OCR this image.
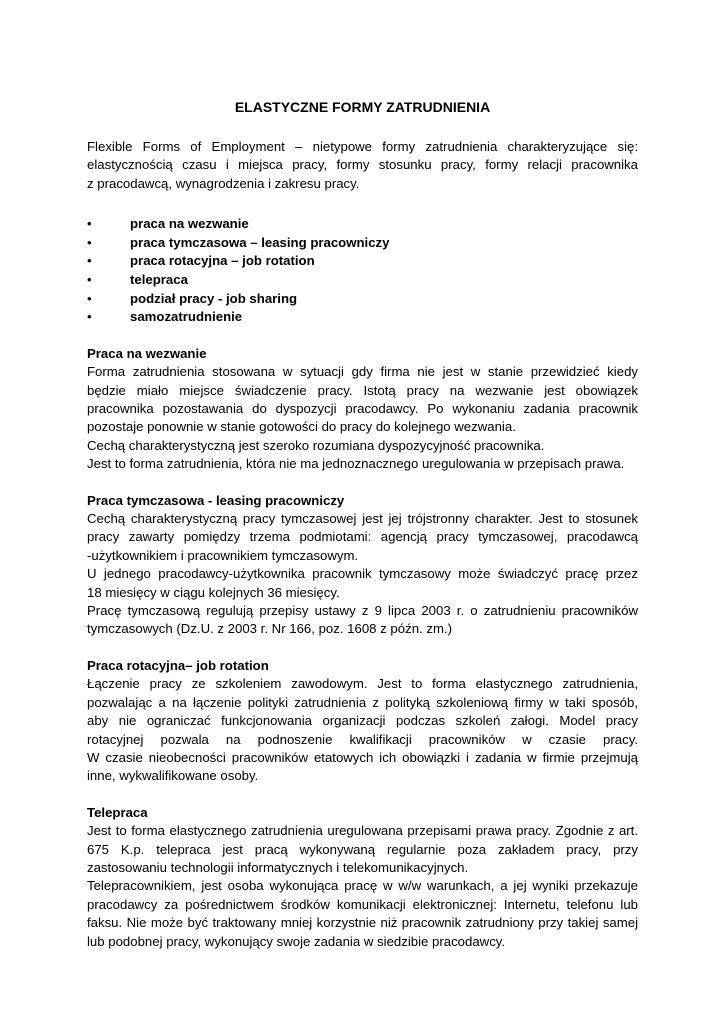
ELASTYCZNE FORMY ZATRUDNIENIA

Flexible Forms of Employment – nietypowe formy zatrudnienia charakteryzujące się:
elastycznością czasu i miejsca pracy, formy stosunku pracy, formy relacji pracownika
z pracodawcą, wynagrodzenia i zakresu pracy.

•	praca na wezwanie
•	praca tymczasowa – leasing pracowniczy
•	praca rotacyjna – job rotation
•	telepraca
•	podział pracy - job sharing
•	samozatrudnienie
Praca na wezwanie

Forma zatrudnienia stosowana w sytuacji gdy firma nie jest w stanie przewidzieć kiedy
będzie miało miejsce świadczenie pracy. Istotą pracy na wezwanie jest obowiązek
pracownika pozostawania do dyspozycji pracodawcy. Po wykonaniu zadania pracownik
pozostaje ponownie w stanie gotowości do pracy do kolejnego wezwania.
Cechą charakterystyczną jest szeroko rozumiana dyspozycyjność pracownika.
Jest to forma zatrudnienia, która nie ma jednoznacznego uregulowania w przepisach prawa.

Praca tymczasowa - leasing pracowniczy

Cechą charakterystyczną pracy tymczasowej jest jej trójstronny charakter. Jest to stosunek
pracy zawarty pomiędzy trzema podmiotami: agencją pracy tymczasowej, pracodawcą
-użytkownikiem i pracownikiem tymczasowym.
U jednego pracodawcy-użytkownika pracownik tymczasowy może świadczyć pracę przez
18 miesięcy w ciągu kolejnych 36 miesięcy.
Pracę tymczasową regulują przepisy ustawy z 9 lipca 2003 r. o zatrudnieniu pracowników
tymczasowych (Dz.U. z 2003 r. Nr 166, poz. 1608 z późn. zm.)

Praca rotacyjna– job rotation

Łączenie pracy ze szkoleniem zawodowym. Jest to forma elastycznego zatrudnienia,
pozwalając a na łączenie polityki zatrudnienia z polityką szkoleniową firmy w taki sposób,
aby nie ograniczać funkcjonowania organizacji podczas szkoleń załogi. Model pracy
rotacyjnej pozwala na podnoszenie kwalifikacji pracowników w czasie pracy.
W czasie nieobecności pracowników etatowych ich obowiązki i zadania w firmie przejmują
inne, wykwalifikowane osoby.

Telepraca

Jest to forma elastycznego zatrudnienia uregulowana przepisami prawa pracy. Zgodnie z art.
675 K.p. telepraca jest pracą wykonywaną regularnie poza zakładem pracy, przy
zastosowaniu technologii informatycznych i telekomunikacyjnych.
Telepracownikiem, jest osoba wykonująca pracę w w/w warunkach, a jej wyniki przekazuje
pracodawcy za pośrednictwem środków komunikacji elektronicznej: Internetu, telefonu lub
faksu. Nie może być traktowany mniej korzystnie niż pracownik zatrudniony przy takiej samej
lub podobnej pracy, wykonujący swoje zadania w siedzibie pracodawcy.
